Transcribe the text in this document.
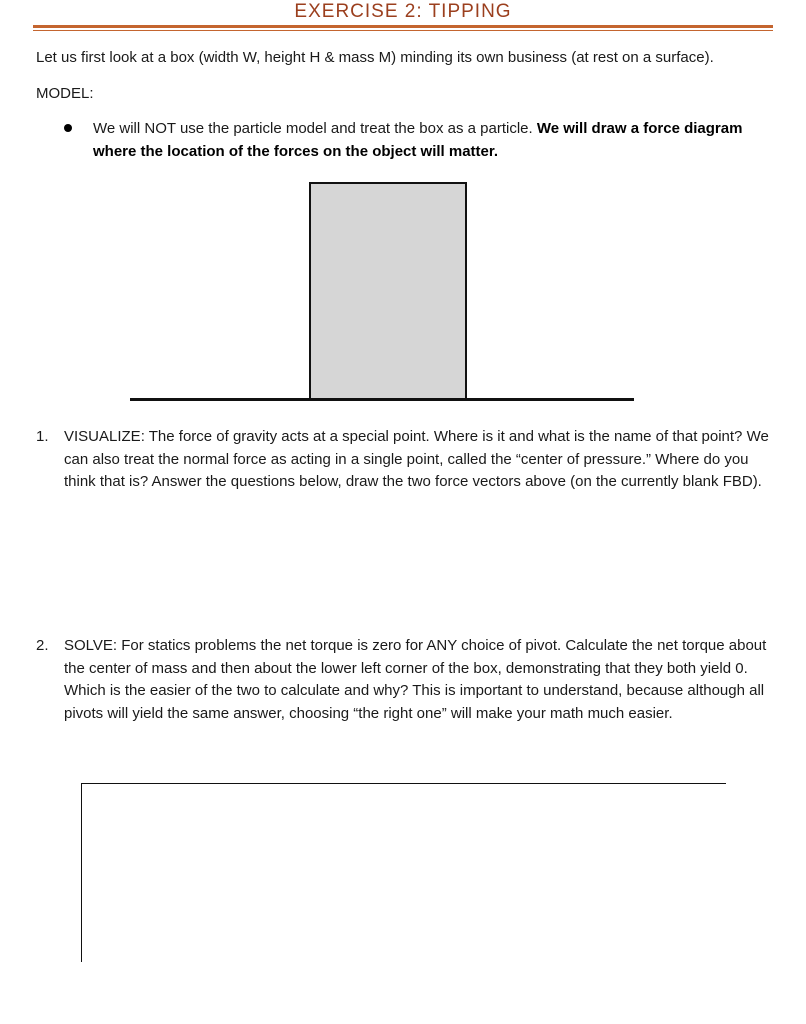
EXERCISE 2: TIPPING
Let us first look at a box (width W, height H & mass M) minding its own business (at rest on a surface).
MODEL:
We will NOT use the particle model and treat the box as a particle. We will draw a force diagram where the location of the forces on the object will matter.
1. VISUALIZE: The force of gravity acts at a special point. Where is it and what is the name of that point? We can also treat the normal force as acting in a single point, called the “center of pressure.” Where do you think that is? Answer the questions below, draw the two force vectors above (on the currently blank FBD).
2. SOLVE: For statics problems the net torque is zero for ANY choice of pivot. Calculate the net torque about the center of mass and then about the lower left corner of the box, demonstrating that they both yield 0. Which is the easier of the two to calculate and why? This is important to understand, because although all pivots will yield the same answer, choosing “the right one” will make your math much easier.
